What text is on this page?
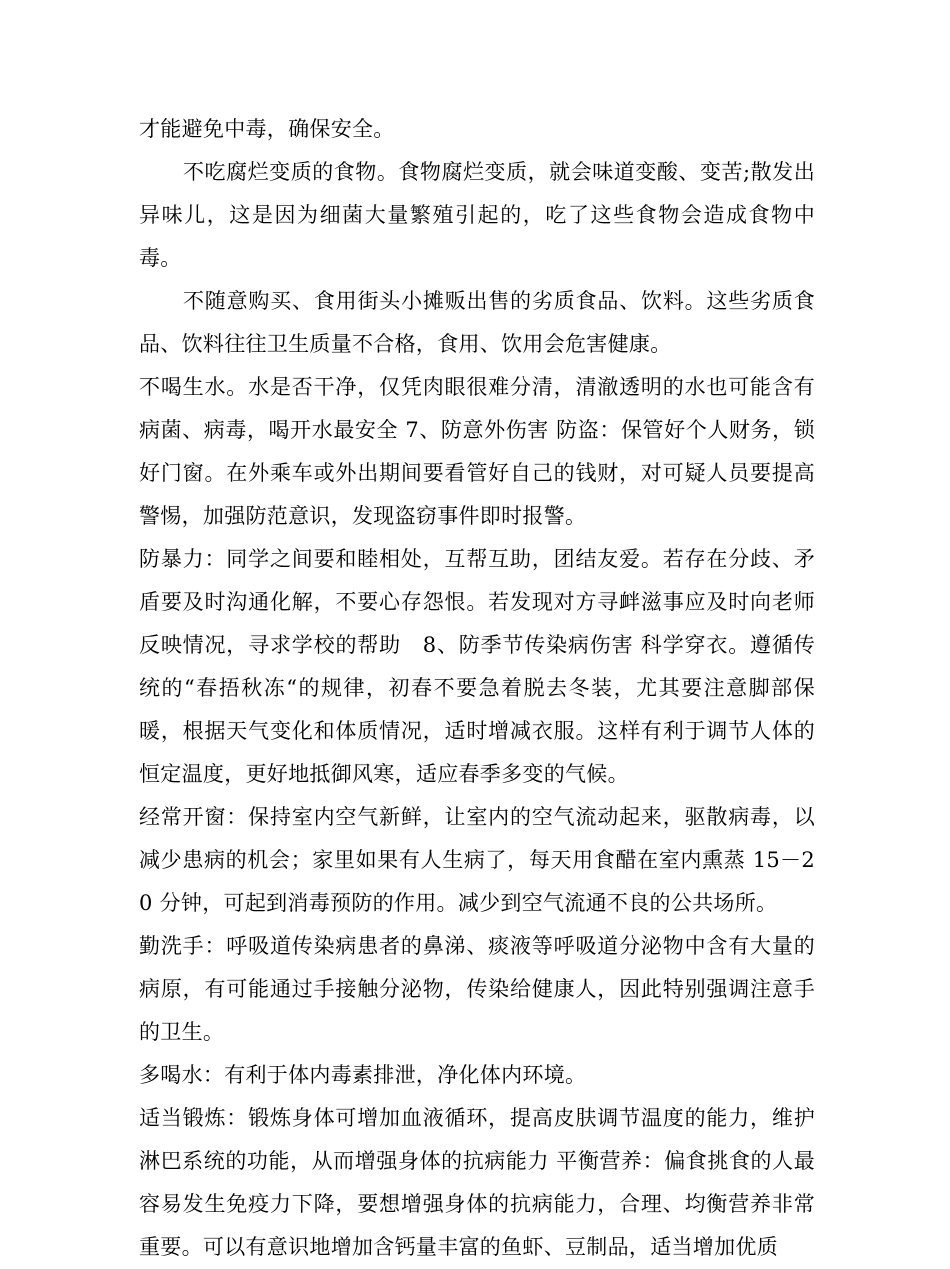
才能避免中毒，确保安全。

不吃腐烂变质的食物。食物腐烂变质，就会味道变酸、变苦;散发出异味儿，这是因为细菌大量繁殖引起的，吃了这些食物会造成食物中毒。

不随意购买、食用街头小摊贩出售的劣质食品、饮料。这些劣质食品、饮料往往卫生质量不合格，食用、饮用会危害健康。

不喝生水。水是否干净，仅凭肉眼很难分清，清澈透明的水也可能含有病菌、病毒，喝开水最安全 7、防意外伤害 防盗：保管好个人财务，锁好门窗。在外乘车或外出期间要看管好自己的钱财，对可疑人员要提高警惕，加强防范意识，发现盗窃事件即时报警。

防暴力：同学之间要和睦相处，互帮互助，团结友爱。若存在分歧、矛盾要及时沟通化解，不要心存怨恨。若发现对方寻衅滋事应及时向老师反映情况，寻求学校的帮助　8、防季节传染病伤害 科学穿衣。遵循传统的“春捂秋冻“的规律，初春不要急着脱去冬装，尤其要注意脚部保暖，根据天气变化和体质情况，适时增减衣服。这样有利于调节人体的恒定温度，更好地抵御风寒，适应春季多变的气候。

经常开窗：保持室内空气新鲜，让室内的空气流动起来，驱散病毒，以减少患病的机会；家里如果有人生病了，每天用食醋在室内熏蒸 15－20 分钟，可起到消毒预防的作用。减少到空气流通不良的公共场所。

勤洗手：呼吸道传染病患者的鼻涕、痰液等呼吸道分泌物中含有大量的病原，有可能通过手接触分泌物，传染给健康人，因此特别强调注意手的卫生。

多喝水：有利于体内毒素排泄，净化体内环境。

适当锻炼：锻炼身体可增加血液循环，提高皮肤调节温度的能力，维护淋巴系统的功能，从而增强身体的抗病能力 平衡营养：偏食挑食的人最容易发生免疫力下降，要想增强身体的抗病能力，合理、均衡营养非常重要。可以有意识地增加含钙量丰富的鱼虾、豆制品，适当增加优质
